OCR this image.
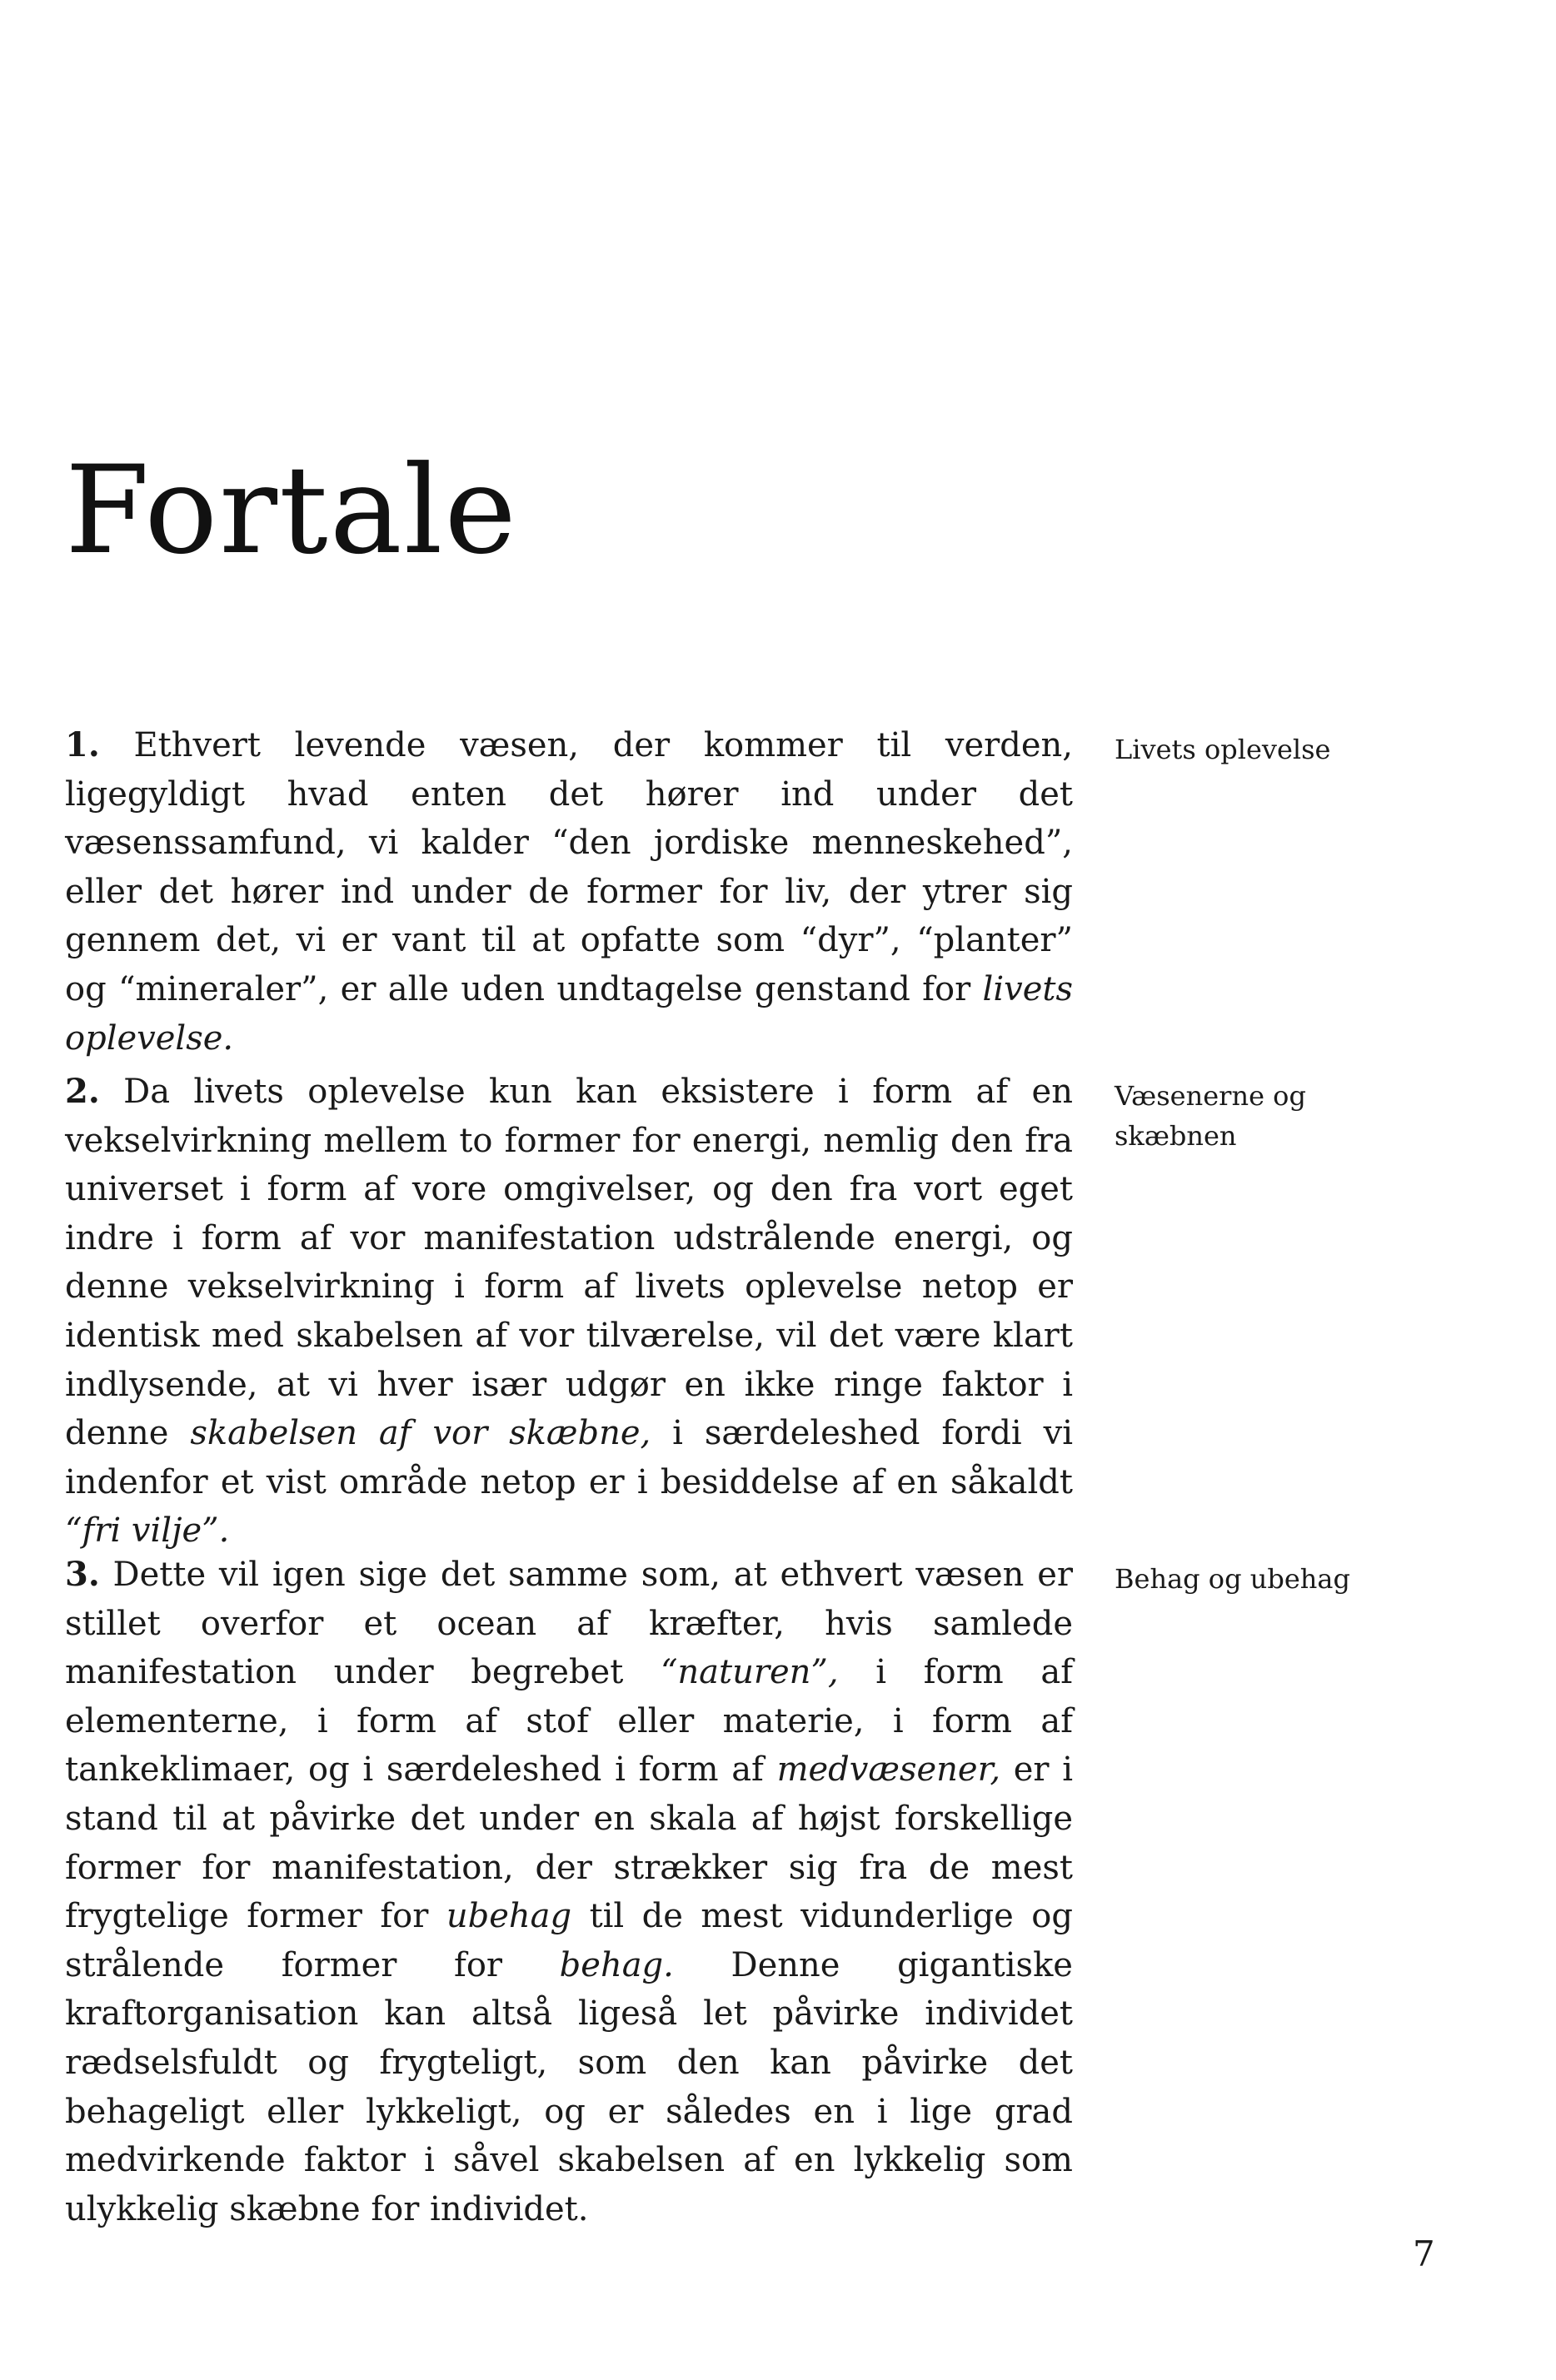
Fortale

1. Ethvert levende væsen, der kommer til verden, ligegyldigt hvad enten det hører ind under det væsenssamfund, vi kalder “den jordiske menneskehed”, eller det hører ind under de former for liv, der ytrer sig gennem det, vi er vant til at opfatte som “dyr”, “planter” og “mineraler”, er alle uden undtagelse genstand for livets oplevelse.

Livets oplevelse

2. Da livets oplevelse kun kan eksistere i form af en vekselvirkning mellem to former for energi, nemlig den fra universet i form af vore omgivelser, og den fra vort eget indre i form af vor manifestation udstrålende energi, og denne vekselvirkning i form af livets oplevelse netop er identisk med skabelsen af vor tilværelse, vil det være klart indlysende, at vi hver især udgør en ikke ringe faktor i denne skabelsen af vor skæbne, i særdeleshed fordi vi indenfor et vist område netop er i besiddelse af en såkaldt “fri vilje”.

Væsenerne og skæbnen

3. Dette vil igen sige det samme som, at ethvert væsen er stillet overfor et ocean af kræfter, hvis samlede manifestation under begrebet “naturen”, i form af elementerne, i form af stof eller materie, i form af tankeklimaer, og i særdeleshed i form af medvæsener, er i stand til at påvirke det under en skala af højst forskellige former for manifestation, der strækker sig fra de mest frygtelige former for ubehag til de mest vidunderlige og strålende former for behag. Denne gigantiske kraftorganisation kan altså ligeså let påvirke individet rædselsfuldt og frygteligt, som den kan påvirke det behageligt eller lykkeligt, og er således en i lige grad medvirkende faktor i såvel skabelsen af en lykkelig som ulykkelig skæbne for individet.

Behag og ubehag

7
